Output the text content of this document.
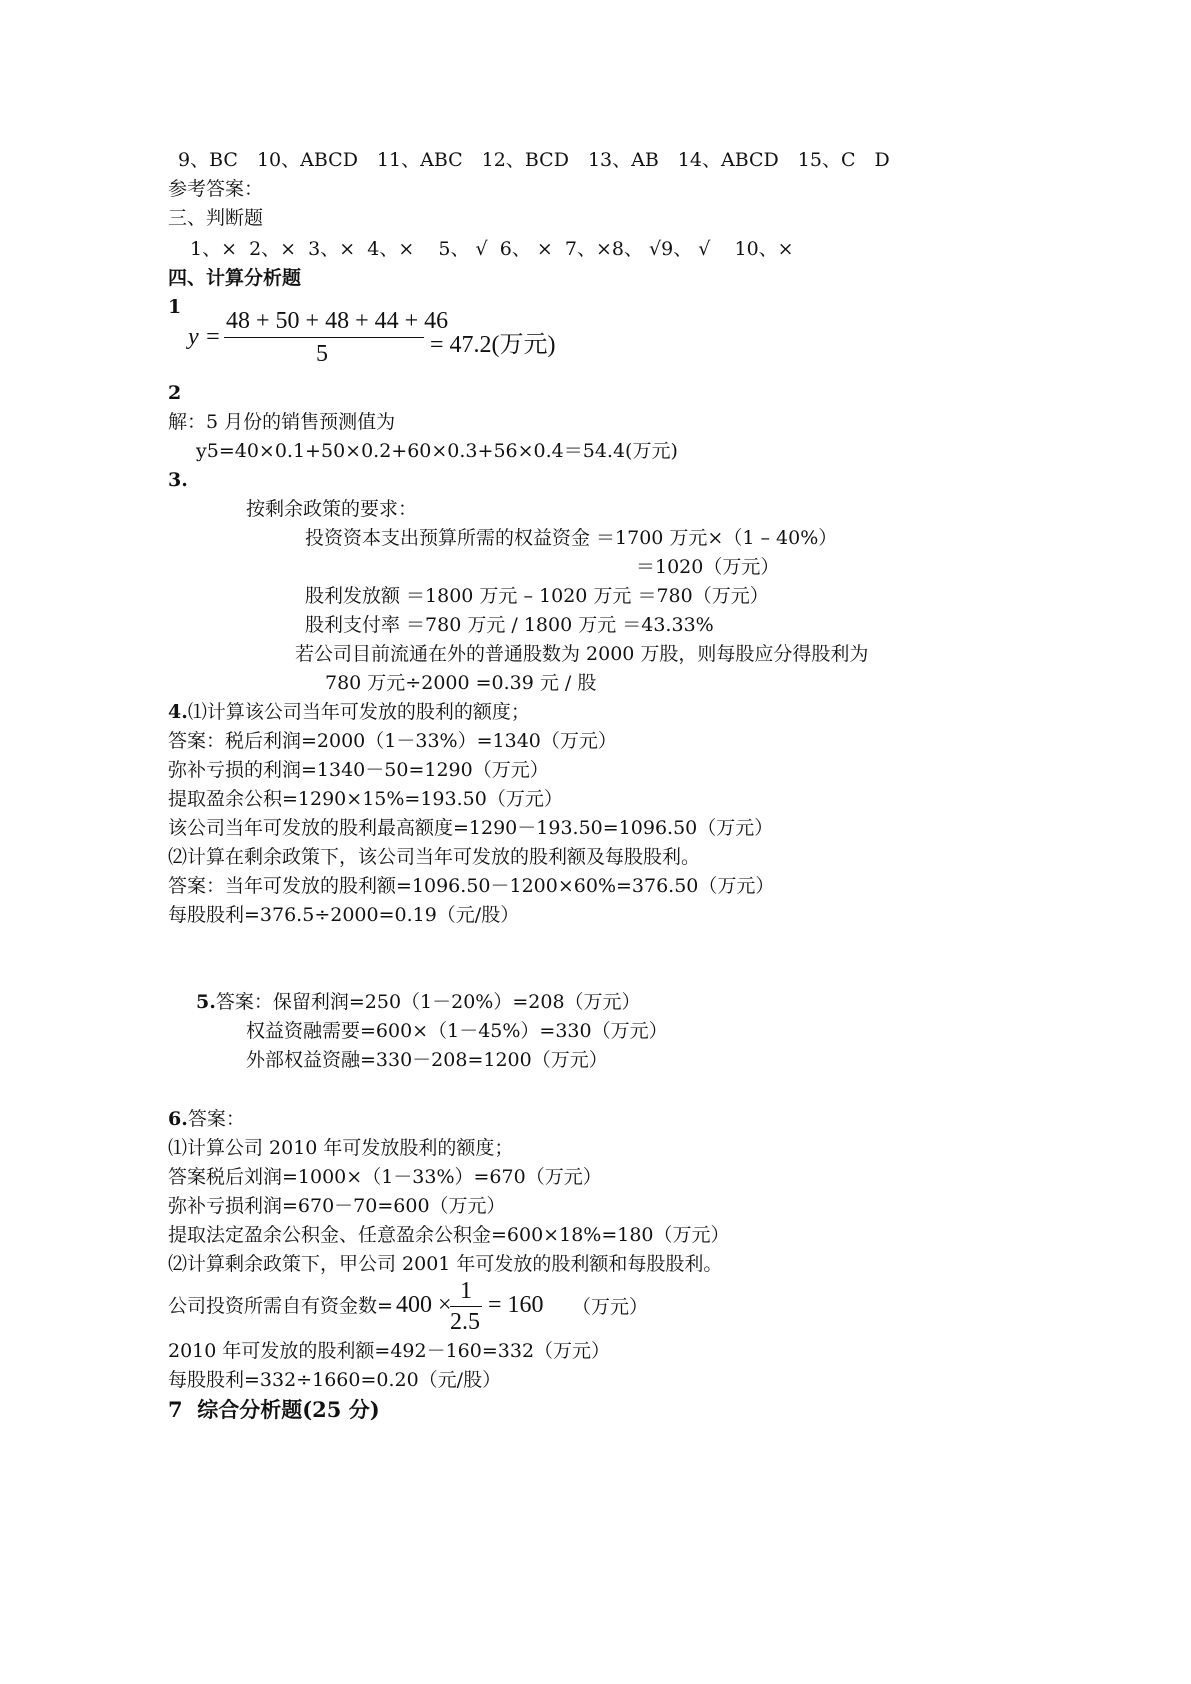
9、BC　10、ABCD　11、ABC　12、BCD　13、AB　14、ABCD　15、C　D
参考答案：
三、判断题
1、×  2、×  3、×  4、×    5、 √  6、 ×  7、×8、 √9、 √    10、×
四、计算分析题
1
y =
48 + 50 + 48 + 44 + 46
5	= 47.2(万元)
2
解：5 月份的销售预测值为
y5=40×0.1+50×0.2+60×0.3+56×0.4＝54.4(万元)
3.
按剩余政策的要求：
投资资本支出预算所需的权益资金 ＝1700 万元×（1 – 40%）
＝1020（万元）
股利发放额 ＝1800 万元 – 1020 万元 ＝780（万元）
股利支付率 ＝780 万元 / 1800 万元 ＝43.33%
若公司目前流通在外的普通股数为 2000 万股，则每股应分得股利为
780 万元÷2000 =0.39 元 / 股
4.⑴计算该公司当年可发放的股利的额度；
答案：税后利润=2000（1－33%）=1340（万元）
弥补亏损的利润=1340－50=1290（万元）
提取盈余公积=1290×15%=193.50（万元）
该公司当年可发放的股利最高额度=1290－193.50=1096.50（万元）
⑵计算在剩余政策下，该公司当年可发放的股利额及每股股利。
答案：当年可发放的股利额=1096.50－1200×60%=376.50（万元）
每股股利=376.5÷2000=0.19（元/股）
5.答案：保留利润=250（1－20%）=208（万元）
权益资融需要=600×（1－45%）=330（万元）
外部权益资融=330－208=1200（万元）
6.答案：
⑴计算公司 2010 年可发放股利的额度；
答案税后刘润=1000×（1－33%）=670（万元）
弥补亏损利润=670－70=600（万元）
提取法定盈余公积金、任意盈余公积金=600×18%=180（万元）
⑵计算剩余政策下，甲公司 2001 年可发放的股利额和每股股利。
公司投资所需自有资金数= 400 ×
1
2.5
= 160 （万元）
2010 年可发放的股利额=492－160=332（万元）
每股股利=332÷1660=0.20（元/股）
7 综合分析题(25 分)
